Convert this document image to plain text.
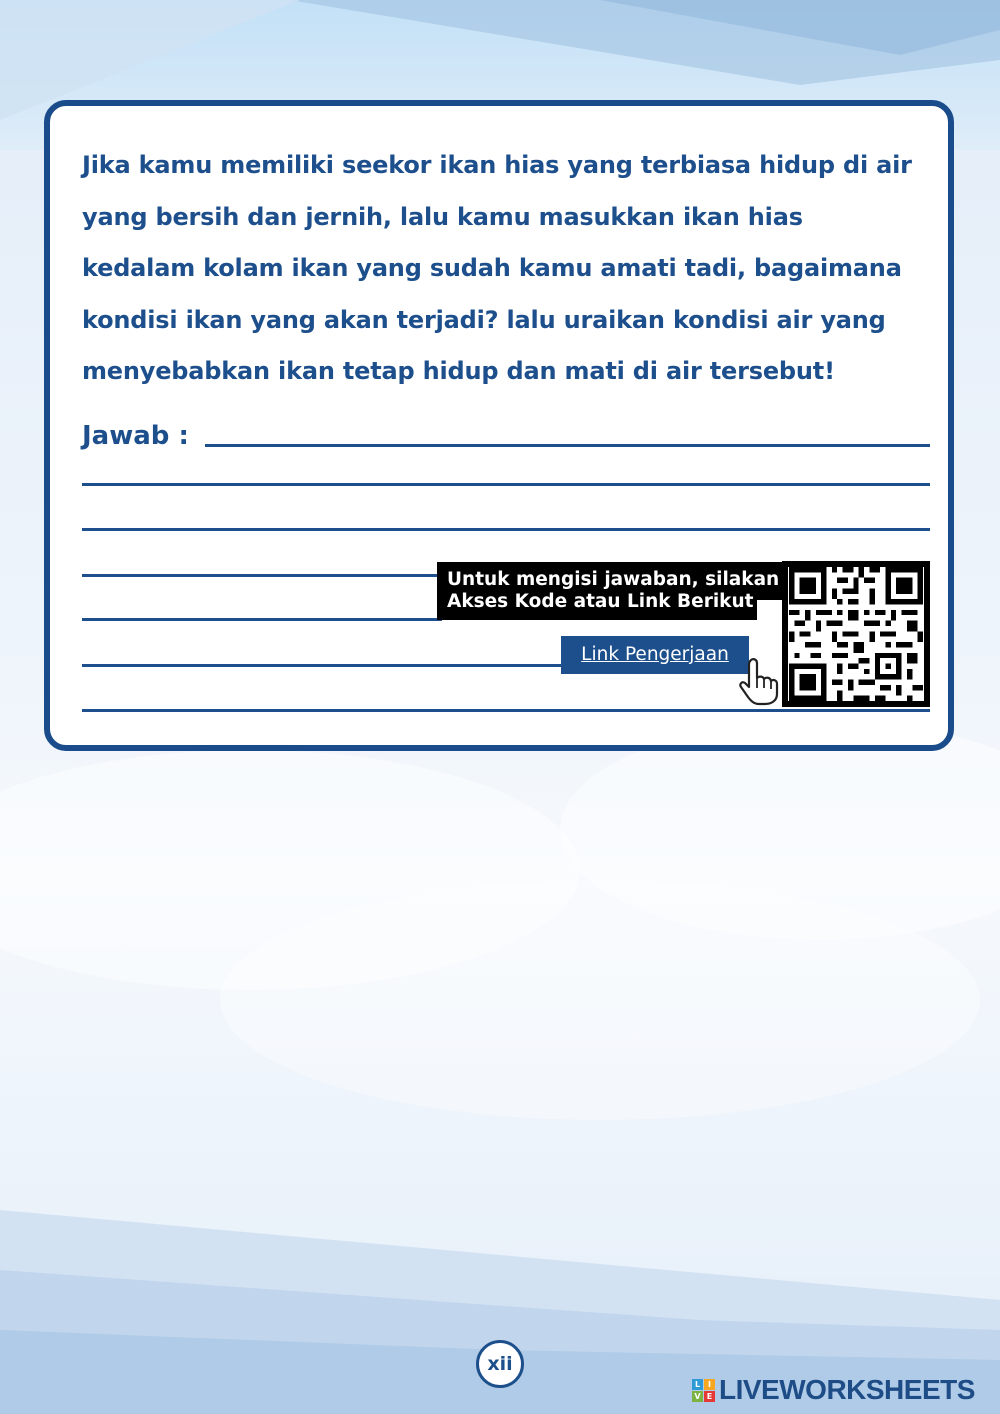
Jika kamu memiliki seekor ikan hias yang terbiasa hidup di air
yang bersih dan jernih, lalu kamu masukkan ikan hias
kedalam kolam ikan yang sudah kamu amati tadi, bagaimana
kondisi ikan yang akan terjadi? lalu uraikan kondisi air yang
menyebabkan ikan tetap hidup dan mati di air tersebut!

Jawab :
Untuk mengisi jawaban, silakan
Akses Kode atau Link Berikut
Link Pengerjaan
xii
L I
V E LIVEWORKSHEETS
